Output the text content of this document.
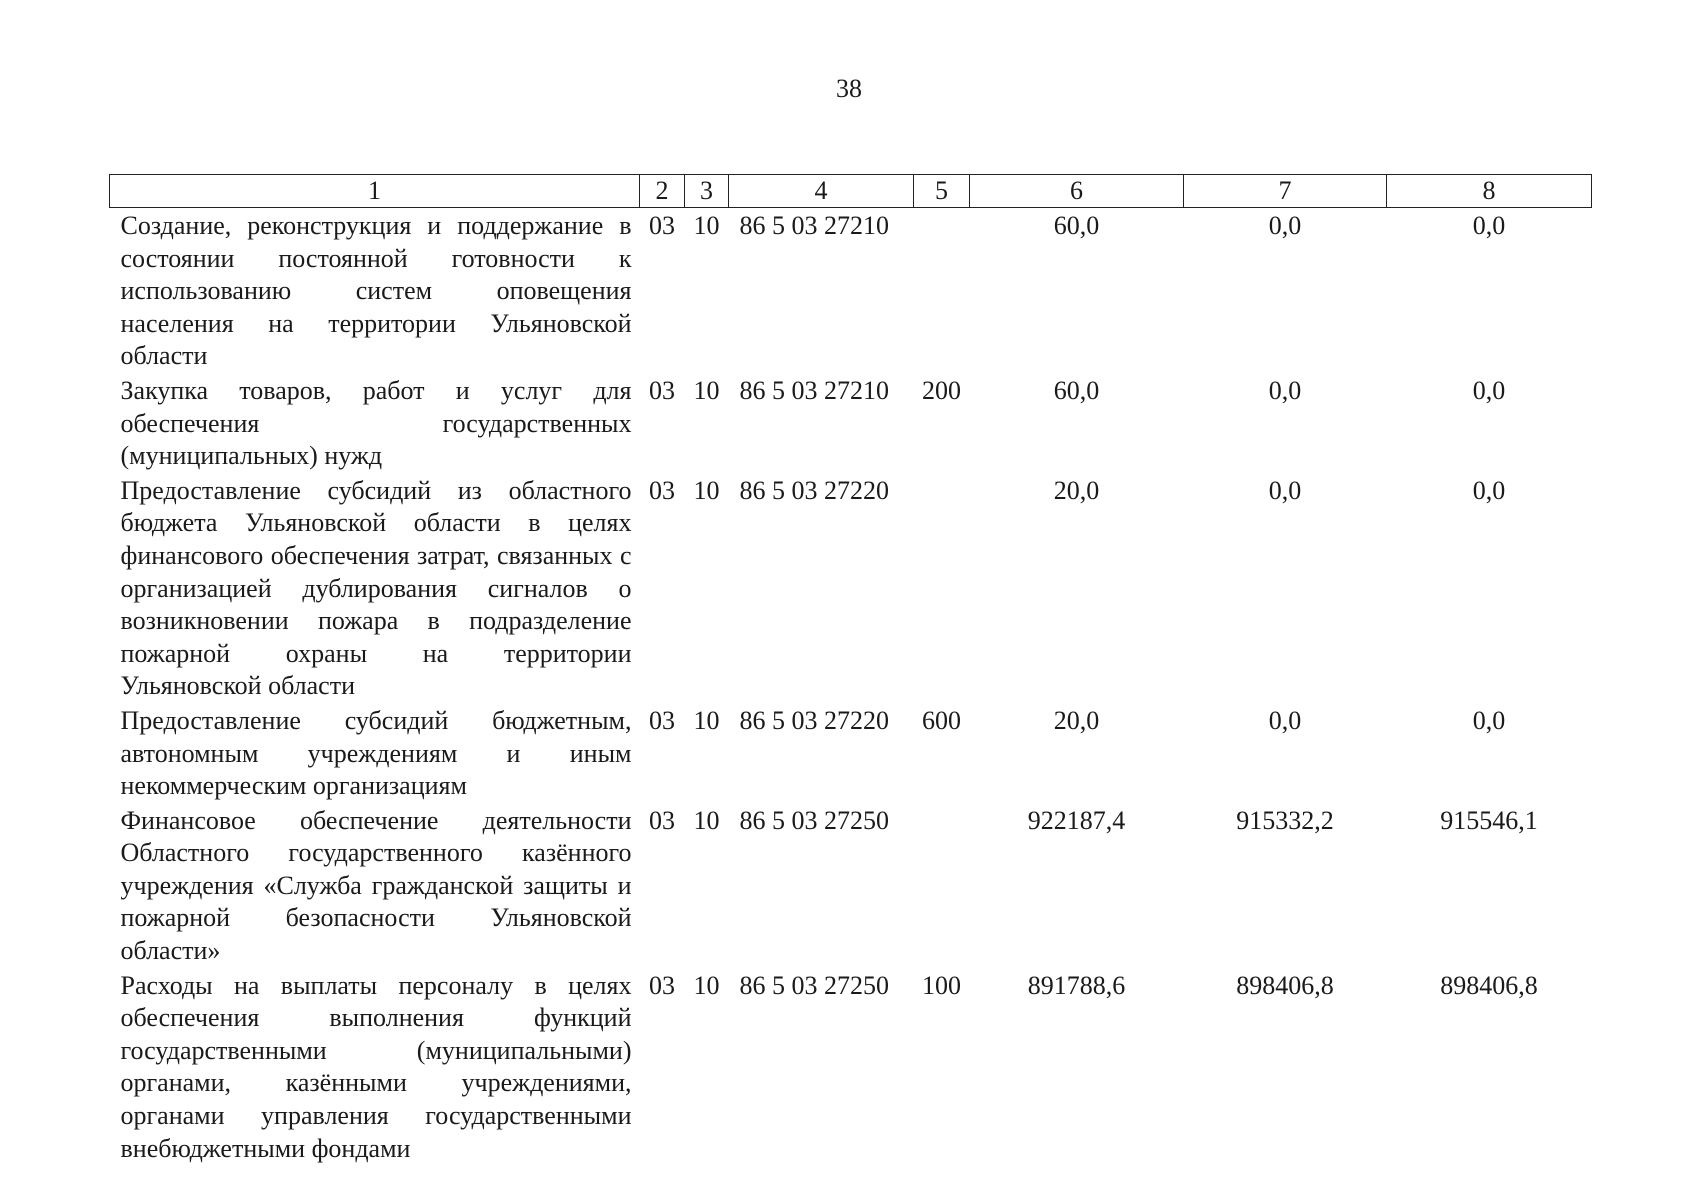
38
1	2	3	4	5	6	7	8
Создание, реконструкция и поддержание в состоянии постоянной готовности к использованию систем оповещения населения на территории Ульяновской области	03	10	86 5 03 27210		60,0	0,0	0,0
Закупка товаров, работ и услуг для обеспечения государственных (муниципальных) нужд	03	10	86 5 03 27210	200	60,0	0,0	0,0
Предоставление субсидий из областного бюджета Ульяновской области в целях финансового обеспечения затрат, связанных с организацией дублирования сигналов о возникновении пожара в подразделение пожарной охраны на территории Ульяновской области	03	10	86 5 03 27220		20,0	0,0	0,0
Предоставление субсидий бюджетным, автономным учреждениям и иным некоммерческим организациям	03	10	86 5 03 27220	600	20,0	0,0	0,0
Финансовое обеспечение деятельности Областного государственного казённого учреждения «Служба гражданской защиты и пожарной безопасности Ульяновской области»	03	10	86 5 03 27250		922187,4	915332,2	915546,1
Расходы на выплаты персоналу в целях обеспечения выполнения функций государственными (муниципальными) органами, казёнными учреждениями, органами управления государственными внебюджетными фондами	03	10	86 5 03 27250	100	891788,6	898406,8	898406,8
